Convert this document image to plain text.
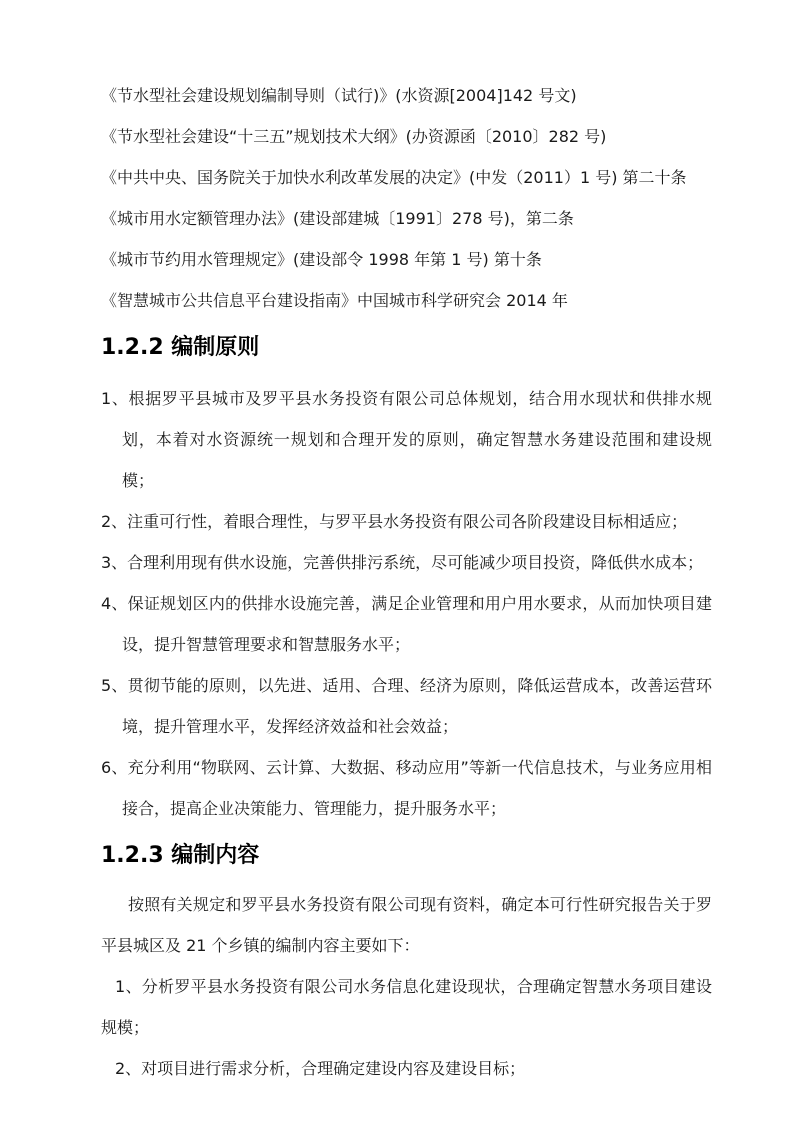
《节水型社会建设规划编制导则（试行)》(水资源[2004]142 号文)

《节水型社会建设“十三五”规划技术大纲》(办资源函〔2010〕282 号)

《中共中央、国务院关于加快水利改革发展的决定》(中发（2011）1 号) 第二十条

《城市用水定额管理办法》(建设部建城〔1991〕278 号)，第二条

《城市节约用水管理规定》(建设部令 1998 年第 1 号) 第十条

《智慧城市公共信息平台建设指南》中国城市科学研究会 2014 年

1.2.2 编制原则

1、根据罗平县城市及罗平县水务投资有限公司总体规划，结合用水现状和供排水规划，本着对水资源统一规划和合理开发的原则，确定智慧水务建设范围和建设规模；

2、注重可行性，着眼合理性，与罗平县水务投资有限公司各阶段建设目标相适应；

3、合理利用现有供水设施，完善供排污系统，尽可能减少项目投资，降低供水成本；

4、保证规划区内的供排水设施完善，满足企业管理和用户用水要求，从而加快项目建设，提升智慧管理要求和智慧服务水平；

5、贯彻节能的原则，以先进、适用、合理、经济为原则，降低运营成本，改善运营环境，提升管理水平，发挥经济效益和社会效益；

6、充分利用“物联网、云计算、大数据、移动应用”等新一代信息技术，与业务应用相接合，提高企业决策能力、管理能力，提升服务水平；

1.2.3 编制内容

按照有关规定和罗平县水务投资有限公司现有资料，确定本可行性研究报告关于罗平县城区及 21 个乡镇的编制内容主要如下：

1、分析罗平县水务投资有限公司水务信息化建设现状，合理确定智慧水务项目建设规模；

2、对项目进行需求分析，合理确定建设内容及建设目标；
